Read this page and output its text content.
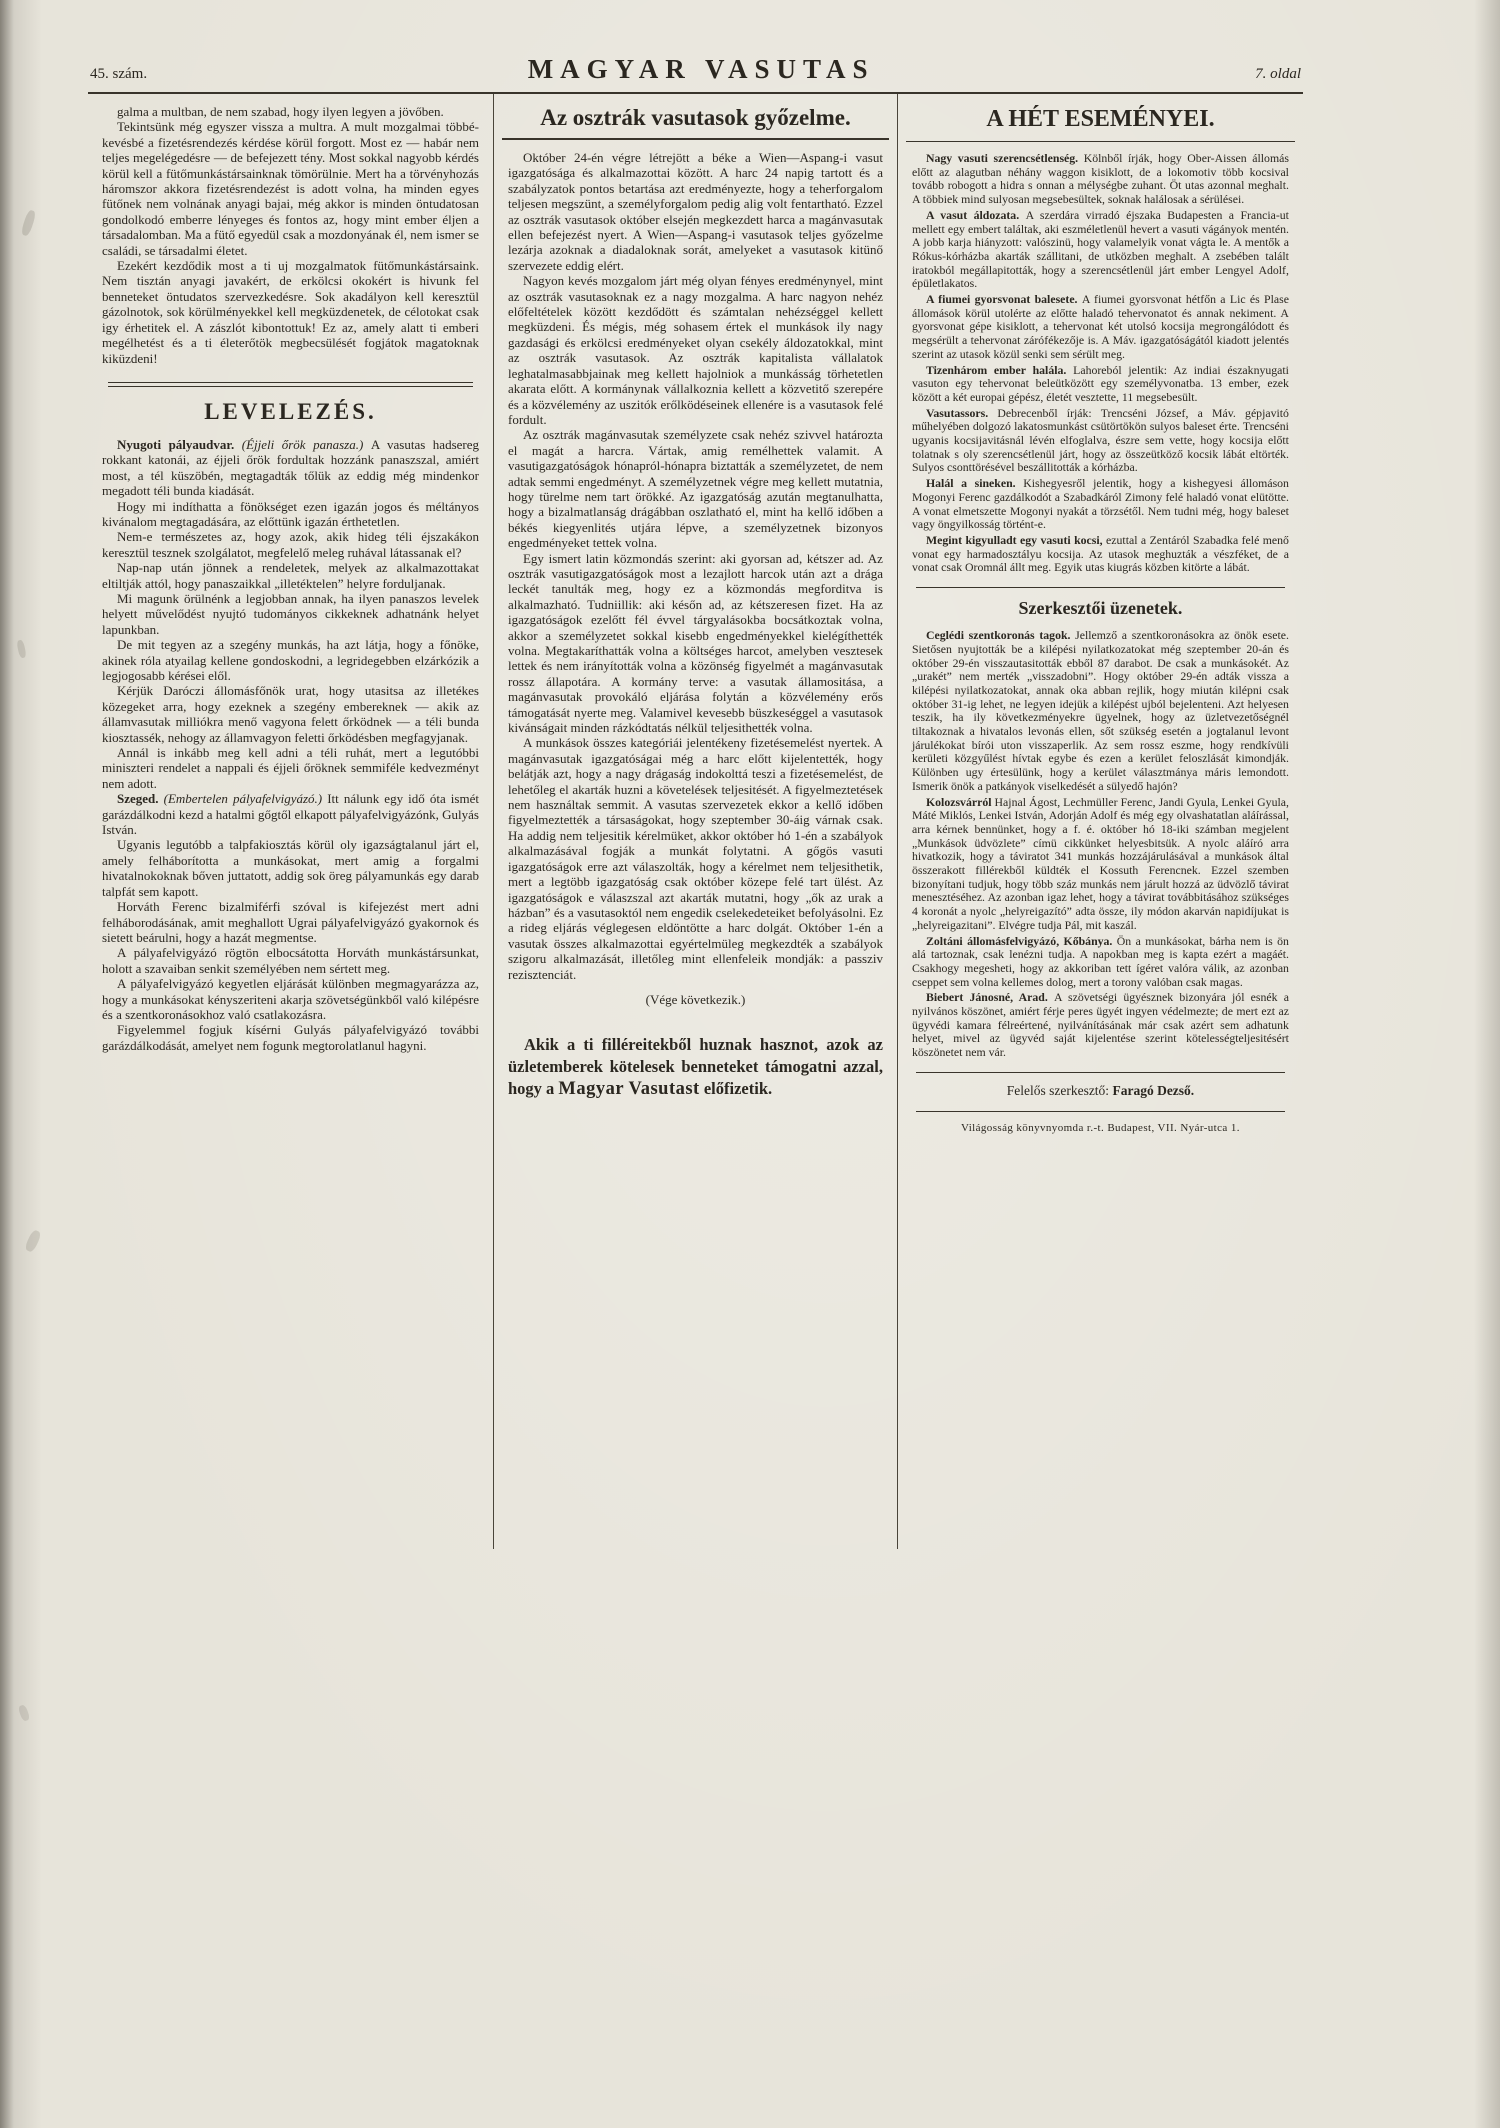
45. szám.	MAGYAR VASUTAS	7. oldal

galma a multban, de nem szabad, hogy ilyen legyen a jövőben.

Tekintsünk még egyszer vissza a multra. A mult mozgalmai többé-kevésbé a fizetésrendezés kérdése körül forgott. Most ez — habár nem teljes megelégedésre — de befejezett tény. Most sokkal nagyobb kérdés körül kell a fütőmunkástársainknak tömörülnie. Mert ha a törvényhozás háromszor akkora fizetésrendezést is adott volna, ha minden egyes fütőnek nem volnának anyagi bajai, még akkor is minden öntudatosan gondolkodó emberre lényeges és fontos az, hogy mint ember éljen a társadalomban. Ma a fütő egyedül csak a mozdonyának él, nem ismer se családi, se társadalmi életet.

Ezekért kezdődik most a ti uj mozgalmatok fütőmunkástársaink. Nem tisztán anyagi javakért, de erkölcsi okokért is hivunk fel benneteket öntudatos szervezkedésre. Sok akadályon kell keresztül gázolnotok, sok körülményekkel kell megküzdenetek, de célotokat csak igy érhetitek el. A zászlót kibontottuk! Ez az, amely alatt ti emberi megélhetést és a ti életerőtök megbecsülését fogjátok magatoknak kiküzdeni!

LEVELEZÉS.

Nyugoti pályaudvar. (Éjjeli őrök panasza.) A vasutas hadsereg rokkant katonái, az éjjeli őrök fordultak hozzánk panaszszal, amiért most, a tél küszöbén, megtagadták tőlük az eddig még mindenkor megadott téli bunda kiadását.

Hogy mi indíthatta a fönökséget ezen igazán jogos és méltányos kivánalom megtagadására, az előttünk igazán érthetetlen.

Nem-e természetes az, hogy azok, akik hideg téli éjszakákon keresztül tesznek szolgálatot, megfelelő meleg ruhával látassanak el?

Nap-nap után jönnek a rendeletek, melyek az alkalmazottakat eltiltják attól, hogy panaszaikkal „illetéktelen” helyre forduljanak.

Mi magunk örülnénk a legjobban annak, ha ilyen panaszos levelek helyett művelődést nyujtó tudományos cikkeknek adhatnánk helyet lapunkban.

De mit tegyen az a szegény munkás, ha azt látja, hogy a főnöke, akinek róla atyailag kellene gondoskodni, a legridegebben elzárkózik a legjogosabb kérései elől.

Kérjük Daróczi állomásfőnök urat, hogy utasitsa az illetékes közegeket arra, hogy ezeknek a szegény embereknek — akik az államvasutak milliókra menő vagyona felett őrködnek — a téli bunda kiosztassék, nehogy az államvagyon feletti őrködésben megfagyjanak.

Annál is inkább meg kell adni a téli ruhát, mert a legutóbbi miniszteri rendelet a nappali és éjjeli őröknek semmiféle kedvezményt nem adott.

Szeged. (Embertelen pályafelvigyázó.) Itt nálunk egy idő óta ismét garázdálkodni kezd a hatalmi gőgtől elkapott pályafelvigyázónk, Gulyás István.

Ugyanis legutóbb a talpfakiosztás körül oly igazságtalanul járt el, amely felháborította a munkásokat, mert amig a forgalmi hivatalnokoknak bőven juttatott, addig sok öreg pályamunkás egy darab talpfát sem kapott.

Horváth Ferenc bizalmiférfi szóval is kifejezést mert adni felháborodásának, amit meghallott Ugrai pályafelvigyázó gyakornok és sietett beárulni, hogy a hazát megmentse.

A pályafelvigyázó rögtön elbocsátotta Horváth munkástársunkat, holott a szavaiban senkit személyében nem sértett meg.

A pályafelvigyázó kegyetlen eljárását különben megmagyarázza az, hogy a munkásokat kényszeriteni akarja szövetségünkből való kilépésre és a szentkoronásokhoz való csatlakozásra.

Figyelemmel fogjuk kísérni Gulyás pályafelvigyázó további garázdálkodását, amelyet nem fogunk megtorolatlanul hagyni.

Az osztrák vasutasok győzelme.

Október 24-én végre létrejött a béke a Wien—Aspang-i vasut igazgatósága és alkalmazottai között. A harc 24 napig tartott és a szabályzatok pontos betartása azt eredményezte, hogy a teherforgalom teljesen megszünt, a személyforgalom pedig alig volt fentartható. Ezzel az osztrák vasutasok október elsején megkezdett harca a magánvasutak ellen befejezést nyert. A Wien—Aspang-i vasutasok teljes győzelme lezárja azoknak a diadaloknak sorát, amelyeket a vasutasok kitünő szervezete eddig elért.

Nagyon kevés mozgalom járt még olyan fényes eredménynyel, mint az osztrák vasutasoknak ez a nagy mozgalma. A harc nagyon nehéz előfeltételek között kezdődött és számtalan nehézséggel kellett megküzdeni. És mégis, még sohasem értek el munkások ily nagy gazdasági és erkölcsi eredményeket olyan csekély áldozatokkal, mint az osztrák vasutasok. Az osztrák kapitalista vállalatok leghatalmasabbjainak meg kellett hajolniok a munkásság törhetetlen akarata előtt. A kormánynak vállalkoznia kellett a közvetitő szerepére és a közvélemény az uszitók erőlködéseinek ellenére is a vasutasok felé fordult.

Az osztrák magánvasutak személyzete csak nehéz szivvel határozta el magát a harcra. Vártak, amig remélhettek valamit. A vasutigazgatóságok hónapról-hónapra biztatták a személyzetet, de nem adtak semmi engedményt. A személyzetnek végre meg kellett mutatnia, hogy türelme nem tart örökké. Az igazgatóság azután megtanulhatta, hogy a bizalmatlanság drágábban oszlatható el, mint ha kellő időben a békés kiegyenlités utjára lépve, a személyzetnek bizonyos engedményeket tettek volna.

Egy ismert latin közmondás szerint: aki gyorsan ad, kétszer ad. Az osztrák vasutigazgatóságok most a lezajlott harcok után azt a drága leckét tanulták meg, hogy ez a közmondás megforditva is alkalmazható. Tudniillik: aki későn ad, az kétszeresen fizet. Ha az igazgatóságok ezelőtt fél évvel tárgyalásokba bocsátkoztak volna, akkor a személyzetet sokkal kisebb engedményekkel kielégíthették volna. Megtakaríthatták volna a költséges harcot, amelyben vesztesek lettek és nem irányították volna a közönség figyelmét a magánvasutak rossz állapotára. A kormány terve: a vasutak államositása, a magánvasutak provokáló eljárása folytán a közvélemény erős támogatását nyerte meg. Valamivel kevesebb büszkeséggel a vasutasok kivánságait minden rázkódtatás nélkül teljesithették volna.

A munkások összes kategóriái jelentékeny fizetésemelést nyertek. A magánvasutak igazgatóságai még a harc előtt kijelentették, hogy belátják azt, hogy a nagy drágaság indokolttá teszi a fizetésemelést, de lehetőleg el akarták huzni a követelések teljesitését. A figyelmeztetések nem használtak semmit. A vasutas szervezetek ekkor a kellő időben figyelmeztették a társaságokat, hogy szeptember 30-áig várnak csak. Ha addig nem teljesitik kérelmüket, akkor október hó 1-én a szabályok alkalmazásával fogják a munkát folytatni. A gőgös vasuti igazgatóságok erre azt válaszolták, hogy a kérelmet nem teljesithetik, mert a legtöbb igazgatóság csak október közepe felé tart ülést. Az igazgatóságok e válaszszal azt akarták mutatni, hogy „ők az urak a házban” és a vasutasoktól nem engedik cselekedeteiket befolyásolni. Ez a rideg eljárás véglegesen eldöntötte a harc dolgát. Október 1-én a vasutak összes alkalmazottai egyértelmüleg megkezdték a szabályok szigoru alkalmazását, illetőleg mint ellenfeleik mondják: a passziv rezisztenciát.

(Vége következik.)

Akik a ti filléreitekből huznak hasznot, azok az üzletemberek kötelesek benneteket támogatni azzal, hogy a Magyar Vasutast előfizetik.

A HÉT ESEMÉNYEI.

Nagy vasuti szerencsétlenség. Kölnből írják, hogy Ober-Aissen állomás előtt az alagutban néhány waggon kisiklott, de a lokomotiv több kocsival tovább robogott a hidra s onnan a mélységbe zuhant. Öt utas azonnal meghalt. A többiek mind sulyosan megsebesültek, soknak halálosak a sérülései.

A vasut áldozata. A szerdára virradó éjszaka Budapesten a Francia-ut mellett egy embert találtak, aki eszméletlenül hevert a vasuti vágányok mentén. A jobb karja hiányzott: valószinü, hogy valamelyik vonat vágta le. A mentők a Rókus-kórházba akarták szállitani, de utközben meghalt. A zsebében talált iratokból megállapitották, hogy a szerencsétlenül járt ember Lengyel Adolf, épületlakatos.

A fiumei gyorsvonat balesete. A fiumei gyorsvonat hétfőn a Lic és Plase állomások körül utolérte az előtte haladó tehervonatot és annak nekiment. A gyorsvonat gépe kisiklott, a tehervonat két utolsó kocsija megrongálódott és megsérült a tehervonat zárófékezője is. A Máv. igazgatóságától kiadott jelentés szerint az utasok közül senki sem sérült meg.

Tizenhárom ember halála. Lahoreból jelentik: Az indiai északnyugati vasuton egy tehervonat beleütközött egy személyvonatba. 13 ember, ezek között a két europai gépész, életét vesztette, 11 megsebesült.

Vasutassors. Debrecenből írják: Trencséni József, a Máv. gépjavitó műhelyében dolgozó lakatosmunkást csütörtökön sulyos baleset érte. Trencséni ugyanis kocsijavitásnál lévén elfoglalva, észre sem vette, hogy kocsija előtt tolatnak s oly szerencsétlenül járt, hogy az összeütköző kocsik lábát eltörték. Sulyos csonttörésével beszállitották a kórházba.

Halál a sineken. Kishegyesről jelentik, hogy a kishegyesi állomáson Mogonyi Ferenc gazdálkodót a Szabadkáról Zimony felé haladó vonat elütötte. A vonat elmetszette Mogonyi nyakát a törzsétől. Nem tudni még, hogy baleset vagy öngyilkosság történt-e.

Megint kigyulladt egy vasuti kocsi, ezuttal a Zentáról Szabadka felé menő vonat egy harmadosztályu kocsija. Az utasok meghuzták a vészféket, de a vonat csak Oromnál állt meg. Egyik utas kiugrás közben kitörte a lábát.

Szerkesztői üzenetek.

Ceglédi szentkoronás tagok. Jellemző a szentkoronásokra az önök esete. Sietősen nyujtották be a kilépési nyilatkozatokat még szeptember 20-án és október 29-én visszautasitották ebből 87 darabot. De csak a munkásokét. Az „urakét” nem merték „visszadobni”. Hogy október 29-én adták vissza a kilépési nyilatkozatokat, annak oka abban rejlik, hogy miután kilépni csak október 31-ig lehet, ne legyen idejük a kilépést ujból bejelenteni. Azt helyesen teszik, ha ily következményekre ügyelnek, hogy az üzletvezetőségnél tiltakoznak a hivatalos levonás ellen, sőt szükség esetén a jogtalanul levont járulékokat bírói uton visszaperlik. Az sem rossz eszme, hogy rendkívüli kerületi közgyűlést hívtak egybe és ezen a kerület feloszlását kimondják. Különben ugy értesülünk, hogy a kerület választmánya máris lemondott. Ismerik önök a patkányok viselkedését a sülyedő hajón?

Kolozsvárról Hajnal Ágost, Lechmüller Ferenc, Jandi Gyula, Lenkei Gyula, Máté Miklós, Lenkei István, Adorján Adolf és még egy olvashatatlan aláírással, arra kérnek bennünket, hogy a f. é. október hó 18-iki számban megjelent „Munkások üdvözlete” címü cikkünket helyesbitsük. A nyolc aláíró arra hivatkozik, hogy a táviratot 341 munkás hozzájárulásával a munkások által összerakott fillérekből küldték el Kossuth Ferencnek. Ezzel szemben bizonyítani tudjuk, hogy több száz munkás nem járult hozzá az üdvözlő távirat menesztéséhez. Az azonban igaz lehet, hogy a távirat továbbitásához szükséges 4 koronát a nyolc „helyreigazító” adta össze, ily módon akarván napidíjukat is „helyreigazitani”. Elvégre tudja Pál, mit kaszál.

Zoltáni állomásfelvigyázó, Kőbánya. Ön a munkásokat, bárha nem is ön alá tartoznak, csak lenézni tudja. A napokban meg is kapta ezért a magáét. Csakhogy megesheti, hogy az akkoriban tett ígéret valóra válik, az azonban cseppet sem volna kellemes dolog, mert a torony valóban csak magas.

Biebert Jánosné, Arad. A szövetségi ügyésznek bizonyára jól esnék a nyilvános köszönet, amiért férje peres ügyét ingyen védelmezte; de mert ezt az ügyvédi kamara félreértené, nyilvánításának már csak azért sem adhatunk helyet, mivel az ügyvéd saját kijelentése szerint kötelességteljesitésért köszönetet nem vár.

Felelős szerkesztő: Faragó Dezső.

Világosság könyvnyomda r.-t. Budapest, VII. Nyár-utca 1.
